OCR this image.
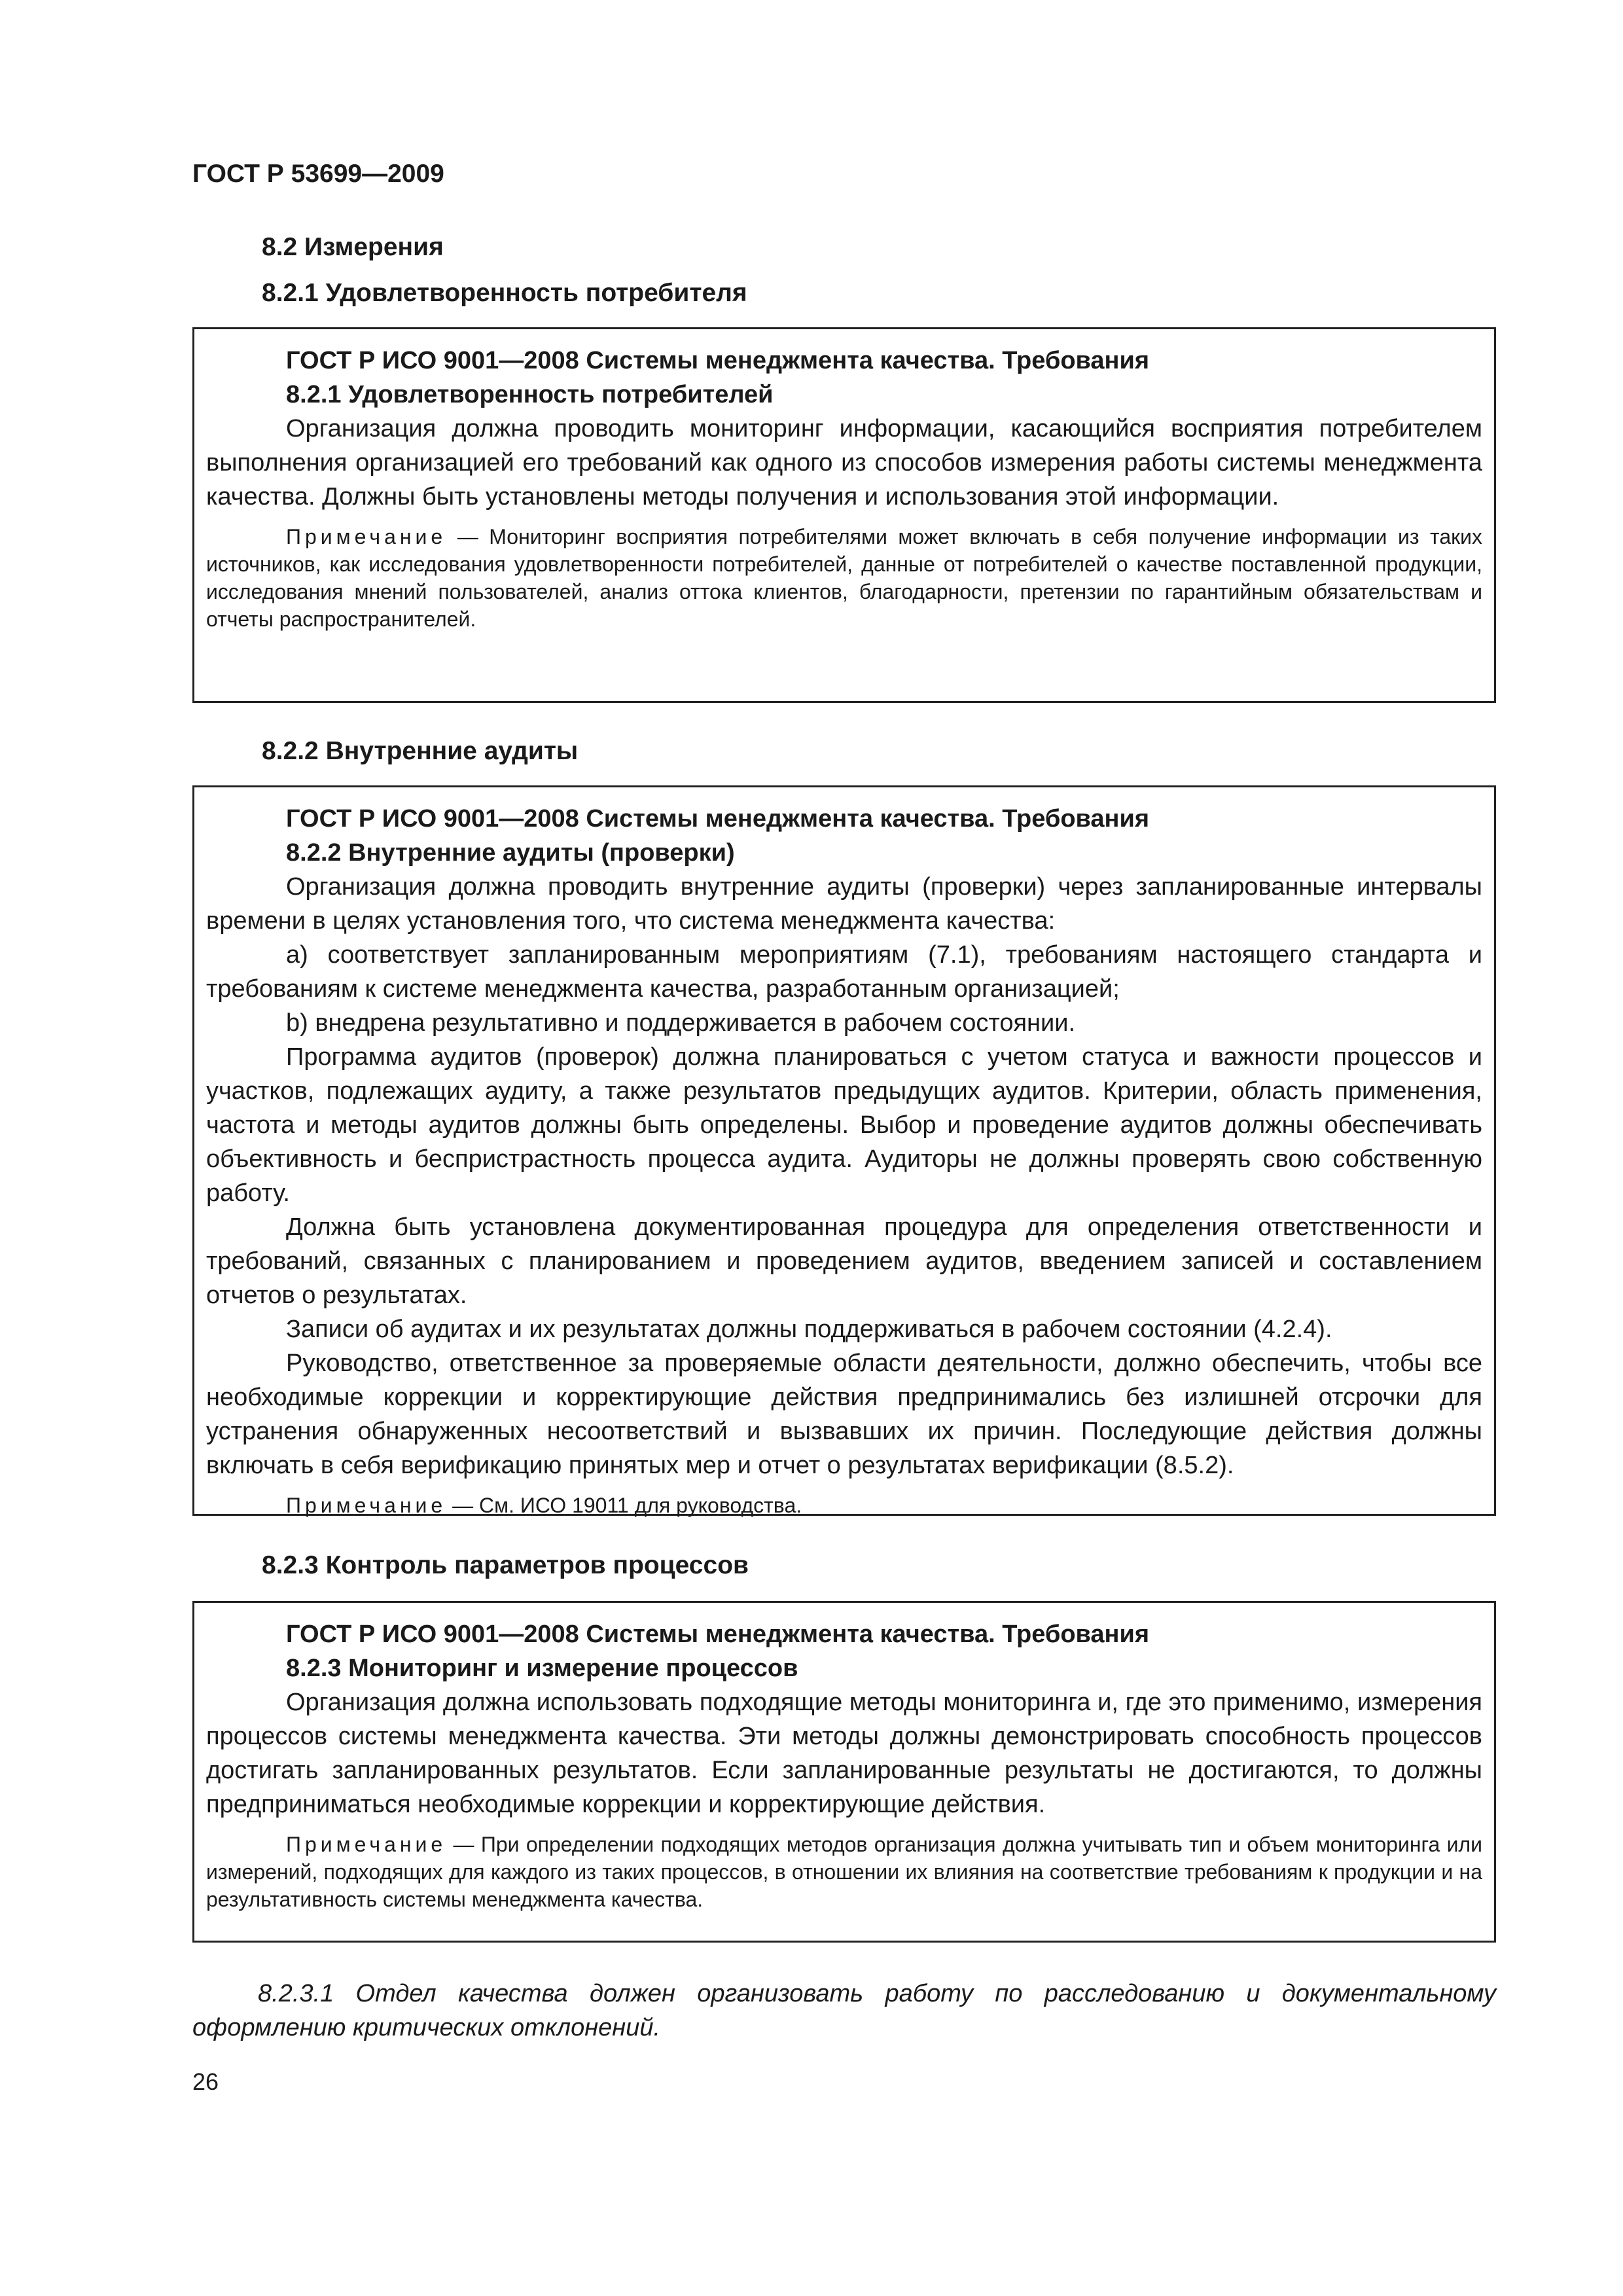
ГОСТ Р 53699—2009
8.2 Измерения
8.2.1 Удовлетворенность потребителя
ГОСТ Р ИСО 9001—2008 Системы менеджмента качества. Требования
8.2.1 Удовлетворенность потребителей

Организация должна проводить мониторинг информации, касающийся восприятия потребителем выполнения организацией его требований как одного из способов измерения работы системы менеджмента качества. Должны быть установлены методы получения и использования этой информации.

Примечание — Мониторинг восприятия потребителями может включать в себя получение информации из таких источников, как исследования удовлетворенности потребителей, данные от потребителей о качестве поставленной продукции, исследования мнений пользователей, анализ оттока клиентов, благодарности, претензии по гарантийным обязательствам и отчеты распространителей.
8.2.2 Внутренние аудиты
ГОСТ Р ИСО 9001—2008 Системы менеджмента качества. Требования
8.2.2 Внутренние аудиты (проверки)

Организация должна проводить внутренние аудиты (проверки) через запланированные интервалы времени в целях установления того, что система менеджмента качества:

a) соответствует запланированным мероприятиям (7.1), требованиям настоящего стандарта и требованиям к системе менеджмента качества, разработанным организацией;

b) внедрена результативно и поддерживается в рабочем состоянии.

Программа аудитов (проверок) должна планироваться с учетом статуса и важности процессов и участков, подлежащих аудиту, а также результатов предыдущих аудитов. Критерии, область применения, частота и методы аудитов должны быть определены. Выбор и проведение аудитов должны обеспечивать объективность и беспристрастность процесса аудита. Аудиторы не должны проверять свою собственную работу.

Должна быть установлена документированная процедура для определения ответственности и требований, связанных с планированием и проведением аудитов, введением записей и составлением отчетов о результатах.

Записи об аудитах и их результатах должны поддерживаться в рабочем состоянии (4.2.4).

Руководство, ответственное за проверяемые области деятельности, должно обеспечить, чтобы все необходимые коррекции и корректирующие действия предпринимались без излишней отсрочки для устранения обнаруженных несоответствий и вызвавших их причин. Последующие действия должны включать в себя верификацию принятых мер и отчет о результатах верификации (8.5.2).

Примечание — См. ИСО 19011 для руководства.
8.2.3 Контроль параметров процессов
ГОСТ Р ИСО 9001—2008 Системы менеджмента качества. Требования
8.2.3 Мониторинг и измерение процессов

Организация должна использовать подходящие методы мониторинга и, где это применимо, измерения процессов системы менеджмента качества. Эти методы должны демонстрировать способность процессов достигать запланированных результатов. Если запланированные результаты не достигаются, то должны предприниматься необходимые коррекции и корректирующие действия.

Примечание — При определении подходящих методов организация должна учитывать тип и объем мониторинга или измерений, подходящих для каждого из таких процессов, в отношении их влияния на соответствие требованиям к продукции и на результативность системы менеджмента качества.
8.2.3.1 Отдел качества должен организовать работу по расследованию и документальному оформлению критических отклонений.
26
